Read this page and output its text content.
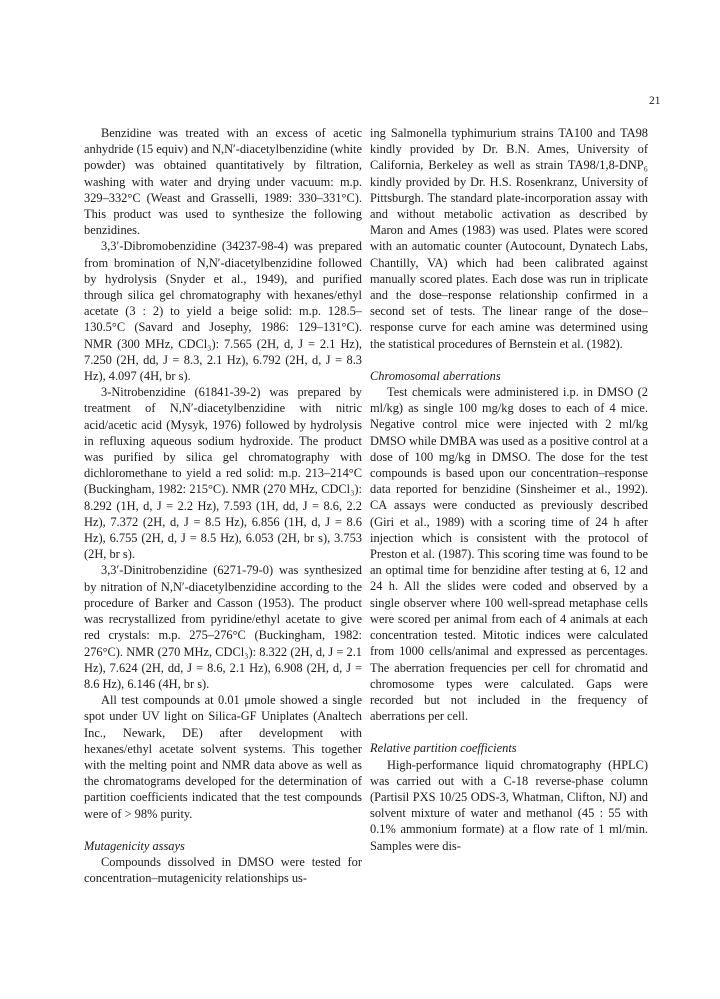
21

Benzidine was treated with an excess of acetic anhydride (15 equiv) and N,N′-diacetylbenzidine (white powder) was obtained quantitatively by filtration, washing with water and drying under vacuum: m.p. 329–332°C (Weast and Grasselli, 1989: 330–331°C). This product was used to synthesize the following benzidines.

3,3′-Dibromobenzidine (34237-98-4) was prepared from bromination of N,N′-diacetylbenzidine followed by hydrolysis (Snyder et al., 1949), and purified through silica gel chromatography with hexanes/ethyl acetate (3 : 2) to yield a beige solid: m.p. 128.5–130.5°C (Savard and Josephy, 1986: 129–131°C). NMR (300 MHz, CDCl₃): 7.565 (2H, d, J = 2.1 Hz), 7.250 (2H, dd, J = 8.3, 2.1 Hz), 6.792 (2H, d, J = 8.3 Hz), 4.097 (4H, br s).

3-Nitrobenzidine (61841-39-2) was prepared by treatment of N,N′-diacetylbenzidine with nitric acid/acetic acid (Mysyk, 1976) followed by hydrolysis in refluxing aqueous sodium hydroxide. The product was purified by silica gel chromatography with dichloromethane to yield a red solid: m.p. 213–214°C (Buckingham, 1982: 215°C). NMR (270 MHz, CDCl₃): 8.292 (1H, d, J = 2.2 Hz), 7.593 (1H, dd, J = 8.6, 2.2 Hz), 7.372 (2H, d, J = 8.5 Hz), 6.856 (1H, d, J = 8.6 Hz), 6.755 (2H, d, J = 8.5 Hz), 6.053 (2H, br s), 3.753 (2H, br s).

3,3′-Dinitrobenzidine (6271-79-0) was synthesized by nitration of N,N′-diacetylbenzidine according to the procedure of Barker and Casson (1953). The product was recrystallized from pyridine/ethyl acetate to give red crystals: m.p. 275–276°C (Buckingham, 1982: 276°C). NMR (270 MHz, CDCl₃): 8.322 (2H, d, J = 2.1 Hz), 7.624 (2H, dd, J = 8.6, 2.1 Hz), 6.908 (2H, d, J = 8.6 Hz), 6.146 (4H, br s).

All test compounds at 0.01 μmole showed a single spot under UV light on Silica-GF Uniplates (Analtech Inc., Newark, DE) after development with hexanes/ethyl acetate solvent systems. This together with the melting point and NMR data above as well as the chromatograms developed for the determination of partition coefficients indicated that the test compounds were of > 98% purity.

Mutagenicity assays

Compounds dissolved in DMSO were tested for concentration–mutagenicity relationships us-

ing Salmonella typhimurium strains TA100 and TA98 kindly provided by Dr. B.N. Ames, University of California, Berkeley as well as strain TA98/1,8-DNP₆ kindly provided by Dr. H.S. Rosenkranz, University of Pittsburgh. The standard plate-incorporation assay with and without metabolic activation as described by Maron and Ames (1983) was used. Plates were scored with an automatic counter (Autocount, Dynatech Labs, Chantilly, VA) which had been calibrated against manually scored plates. Each dose was run in triplicate and the dose–response relationship confirmed in a second set of tests. The linear range of the dose–response curve for each amine was determined using the statistical procedures of Bernstein et al. (1982).

Chromosomal aberrations

Test chemicals were administered i.p. in DMSO (2 ml/kg) as single 100 mg/kg doses to each of 4 mice. Negative control mice were injected with 2 ml/kg DMSO while DMBA was used as a positive control at a dose of 100 mg/kg in DMSO. The dose for the test compounds is based upon our concentration–response data reported for benzidine (Sinsheimer et al., 1992). CA assays were conducted as previously described (Giri et al., 1989) with a scoring time of 24 h after injection which is consistent with the protocol of Preston et al. (1987). This scoring time was found to be an optimal time for benzidine after testing at 6, 12 and 24 h. All the slides were coded and observed by a single observer where 100 well-spread metaphase cells were scored per animal from each of 4 animals at each concentration tested. Mitotic indices were calculated from 1000 cells/animal and expressed as percentages. The aberration frequencies per cell for chromatid and chromosome types were calculated. Gaps were recorded but not included in the frequency of aberrations per cell.

Relative partition coefficients

High-performance liquid chromatography (HPLC) was carried out with a C-18 reverse-phase column (Partisil PXS 10/25 ODS-3, Whatman, Clifton, NJ) and solvent mixture of water and methanol (45 : 55 with 0.1% ammonium formate) at a flow rate of 1 ml/min. Samples were dis-
